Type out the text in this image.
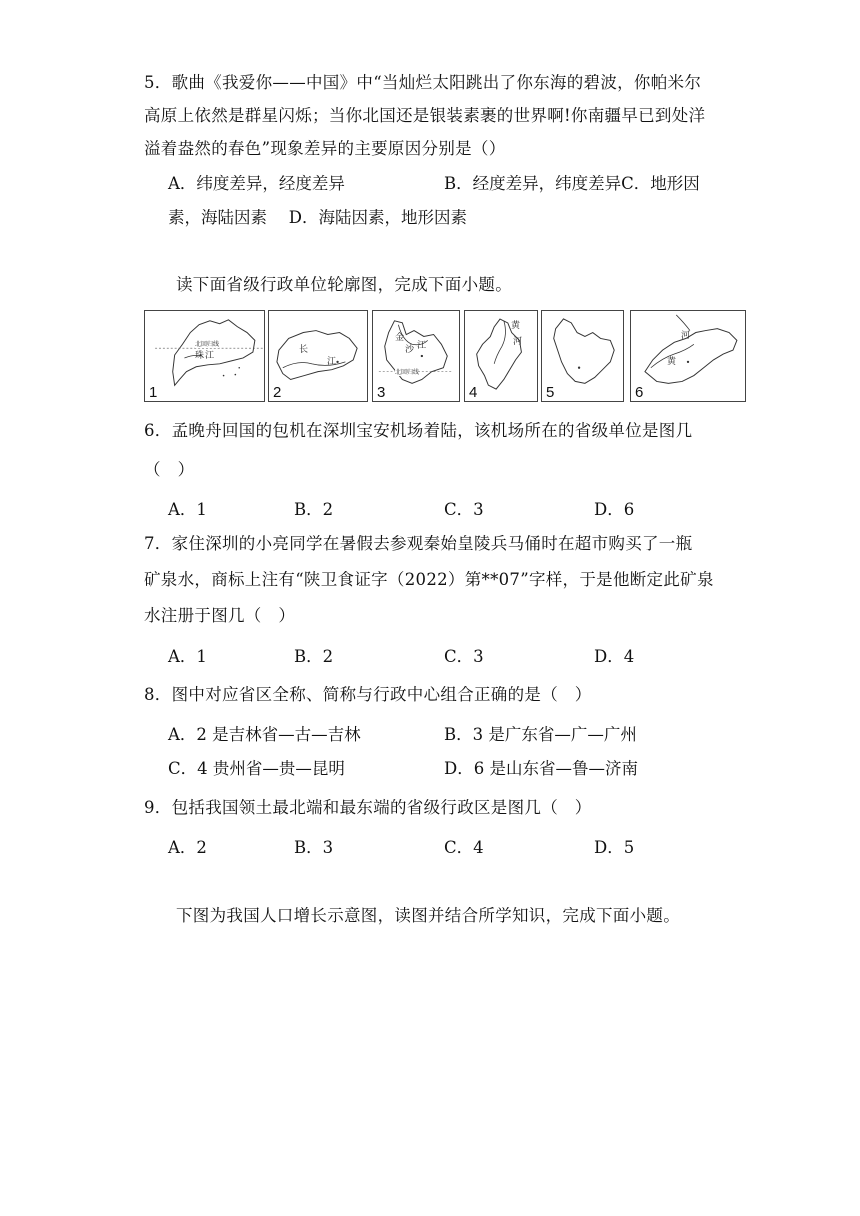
5．歌曲《我爱你——中国》中“当灿烂太阳跳出了你东海的碧波，你帕米尔
高原上依然是群星闪烁；当你北国还是银装素裹的世界啊!你南疆早已到处洋
溢着盎然的春色”现象差异的主要原因分别是（）
A．纬度差异，经度差异	B．经度差异，纬度差异C．地形因
素，海陆因素　 D．海陆因素，地形因素
读下面省级行政单位轮廓图，完成下面小题。
北回归线
珠 江
1
长
江
2
金
沙 江
北回归线
3
黄
河
4	5
河
黄
6
6．孟晚舟回国的包机在深圳宝安机场着陆，该机场所在的省级单位是图几
（　）
A．1	B．2	C．3	D．6
7．家住深圳的小亮同学在暑假去参观秦始皇陵兵马俑时在超市购买了一瓶
矿泉水，商标上注有“陕卫食证字（2022）第**07”字样，于是他断定此矿泉
水注册于图几（　）
A．1	B．2	C．3	D．4
8．图中对应省区全称、简称与行政中心组合正确的是（　）
A．2 是吉林省—古—吉林	B．3 是广东省—广—广州
C．4 贵州省—贵—昆明	D．6 是山东省—鲁—济南
9．包括我国领土最北端和最东端的省级行政区是图几（　）
A．2	B．3	C．4	D．5
下图为我国人口增长示意图，读图并结合所学知识，完成下面小题。
